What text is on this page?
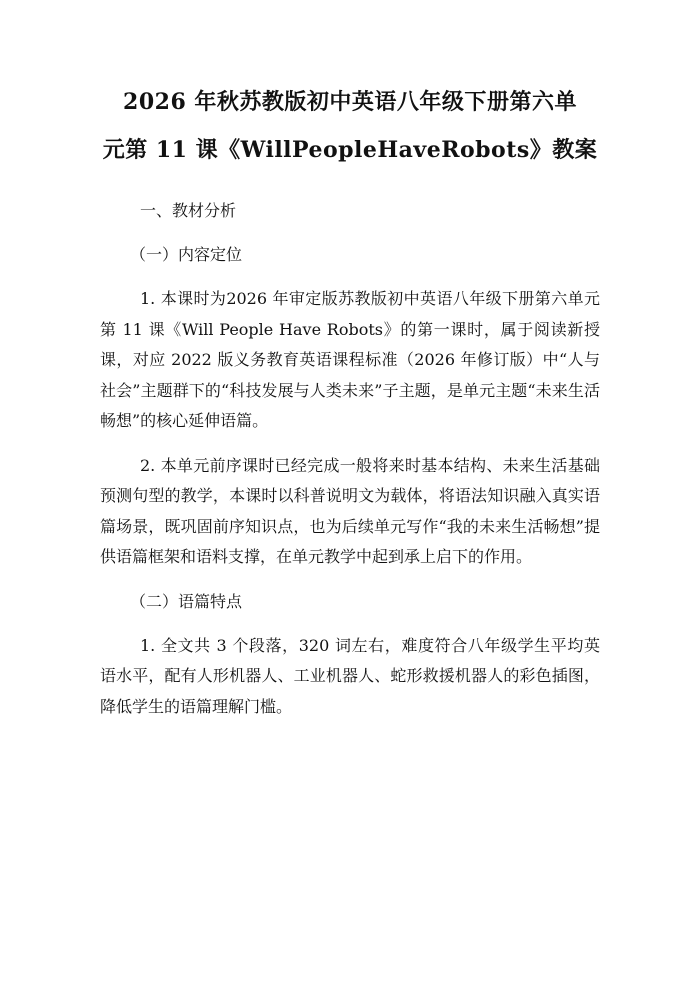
2026 年秋苏教版初中英语八年级下册第六单
元第 11 课《WillPeopleHaveRobots》教案
一、教材分析
（一）内容定位
1. 本课时为2026 年审定版苏教版初中英语八年级下册第六单元第 11 课《Will People Have Robots》的第一课时，属于阅读新授课，对应 2022 版义务教育英语课程标准（2026 年修订版）中“人与社会”主题群下的“科技发展与人类未来”子主题，是单元主题“未来生活畅想”的核心延伸语篇。
2. 本单元前序课时已经完成一般将来时基本结构、未来生活基础预测句型的教学，本课时以科普说明文为载体，将语法知识融入真实语篇场景，既巩固前序知识点，也为后续单元写作“我的未来生活畅想”提供语篇框架和语料支撑，在单元教学中起到承上启下的作用。
（二）语篇特点
1. 全文共 3 个段落，320 词左右，难度符合八年级学生平均英语水平，配有人形机器人、工业机器人、蛇形救援机器人的彩色插图，降低学生的语篇理解门槛。
